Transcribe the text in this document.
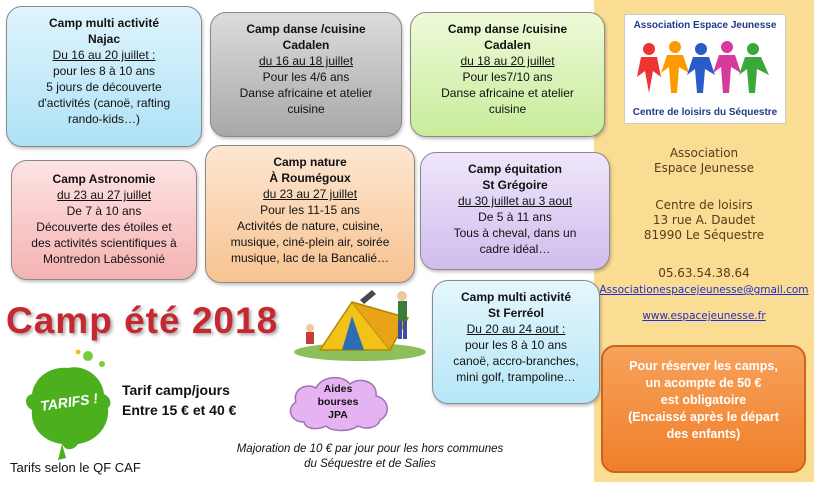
Camp multi activité
Najac
Du 16 au 20 juillet :
pour les 8 à 10 ans
5 jours de découverte
d'activités (canoë, rafting
rando-kids…)
Camp danse /cuisine
Cadalen
du 16 au 18 juillet
Pour les 4/6 ans
Danse africaine et atelier
cuisine
Camp danse /cuisine
Cadalen
du 18 au 20 juillet
Pour les7/10 ans
Danse africaine et atelier
cuisine
Camp Astronomie
du 23 au 27 juillet
De 7 à 10 ans
Découverte des étoiles et
des activités scientifiques à
Montredon Labéssonié
Camp nature
À Roumégoux
du 23 au 27 juillet
Pour les 11-15 ans
Activités de nature, cuisine,
musique, ciné-plein air, soirée
musique, lac de la Bancalié…
Camp équitation
St Grégoire
du 30 juillet au 3 aout
De 5 à 11 ans
Tous à cheval, dans un
cadre idéal…
Camp multi activité
St Ferréol
Du 20 au 24 aout :
pour les 8 à 10 ans
canoë, accro-branches,
mini golf, trampoline…
Camp été 2018
TARIFS !
Tarif camp/jours
Entre 15 € et 40 €
Tarifs selon le QF CAF
Aides
bourses
JPA
Majoration de 10 € par jour pour les hors communes
du Séquestre et de Salies
Association Espace Jeunesse
Centre de loisirs du Séquestre
Association
Espace Jeunesse
Centre de loisirs
13 rue A. Daudet
81990 Le Séquestre
05.63.54.38.64
Associationespacejeunesse@gmail.com
www.espacejeunesse.fr
Pour réserver les camps,
un acompte de 50 €
est obligatoire
(Encaissé après le départ
des enfants)
